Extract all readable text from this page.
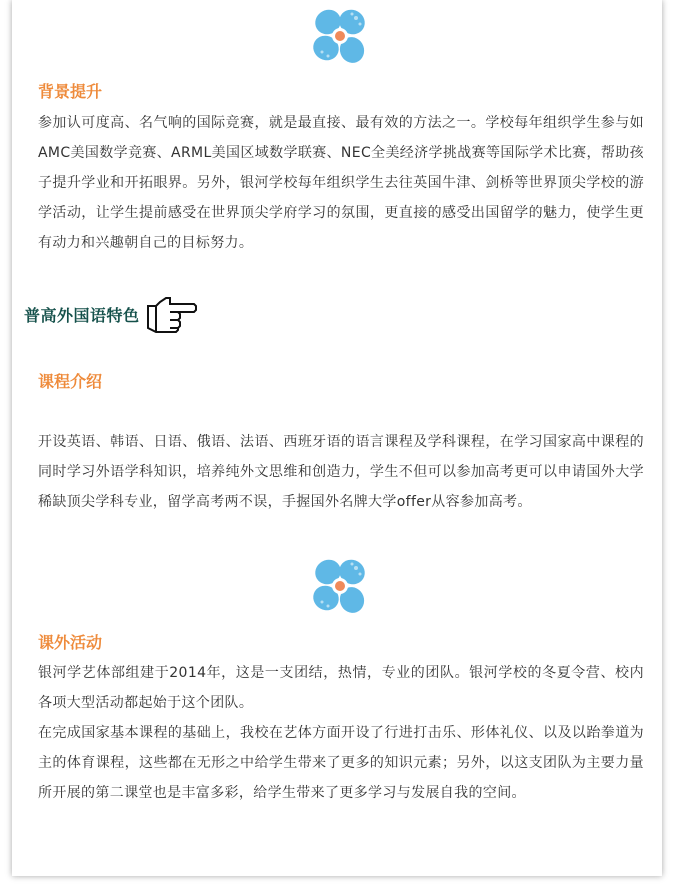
背景提升

参加认可度高、名气响的国际竞赛，就是最直接、最有效的方法之一。学校每年组织学生参与如AMC美国数学竞赛、ARML美国区域数学联赛、NEC全美经济学挑战赛等国际学术比赛，帮助孩子提升学业和开拓眼界。另外，银河学校每年组织学生去往英国牛津、剑桥等世界顶尖学校的游学活动，让学生提前感受在世界顶尖学府学习的氛围，更直接的感受出国留学的魅力，使学生更有动力和兴趣朝自己的目标努力。

普高外国语特色

课程介绍

开设英语、韩语、日语、俄语、法语、西班牙语的语言课程及学科课程，在学习国家高中课程的同时学习外语学科知识，培养纯外文思维和创造力，学生不但可以参加高考更可以申请国外大学稀缺顶尖学科专业，留学高考两不误，手握国外名牌大学offer从容参加高考。

课外活动

银河学艺体部组建于2014年，这是一支团结，热情，专业的团队。银河学校的冬夏令营、校内各项大型活动都起始于这个团队。

在完成国家基本课程的基础上，我校在艺体方面开设了行进打击乐、形体礼仪、以及以跆拳道为主的体育课程，这些都在无形之中给学生带来了更多的知识元素；另外，以这支团队为主要力量所开展的第二课堂也是丰富多彩，给学生带来了更多学习与发展自我的空间。
